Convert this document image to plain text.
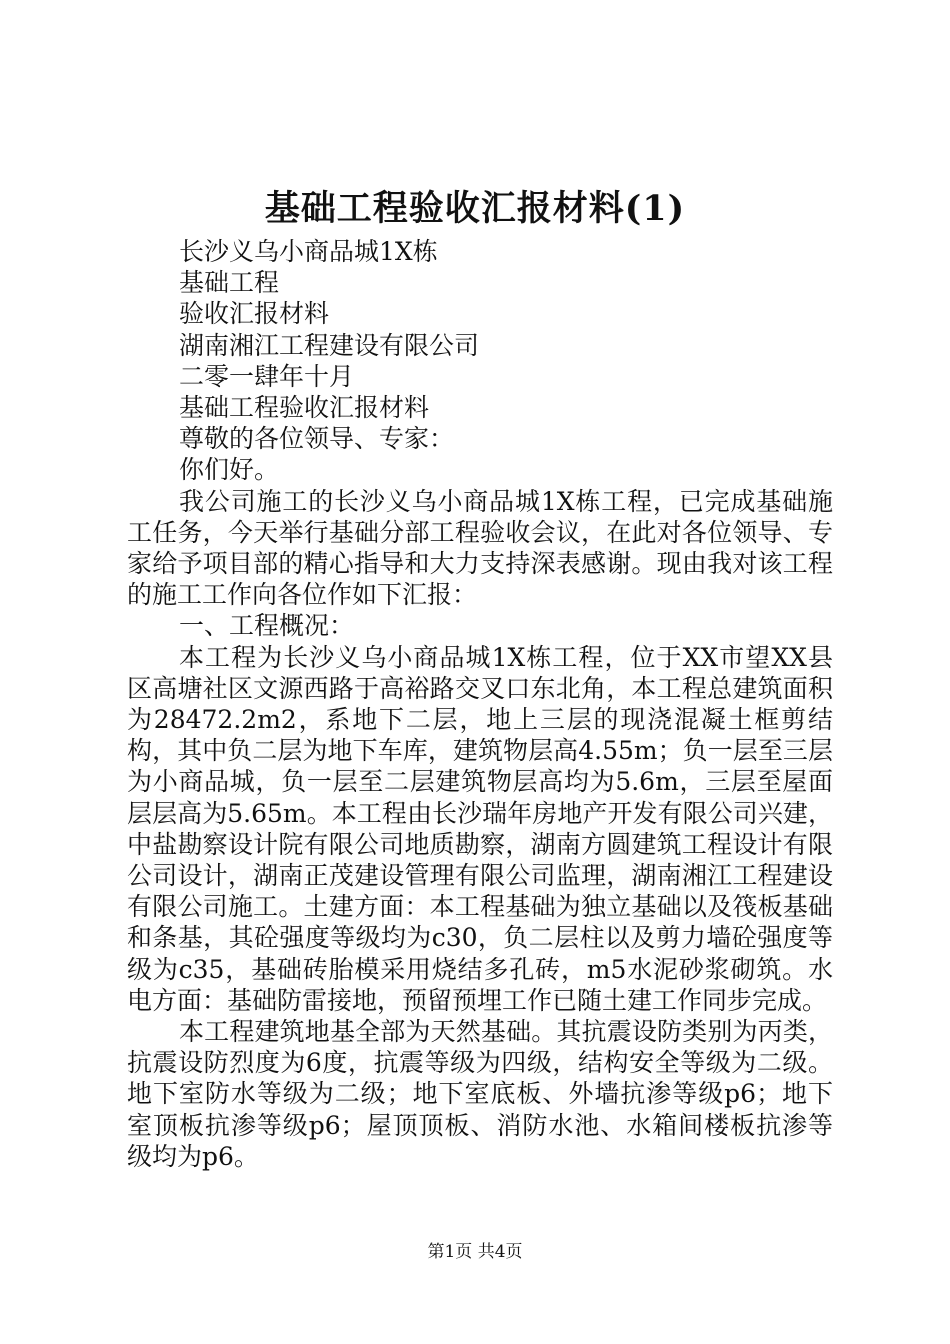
基础工程验收汇报材料(1)

长沙义乌小商品城1X栋

基础工程

验收汇报材料

湖南湘江工程建设有限公司

二零一肆年十月

基础工程验收汇报材料

尊敬的各位领导、专家：

你们好。

我公司施工的长沙义乌小商品城1X栋工程，已完成基础施工任务，今天举行基础分部工程验收会议，在此对各位领导、专家给予项目部的精心指导和大力支持深表感谢。现由我对该工程的施工工作向各位作如下汇报：

一、工程概况：

本工程为长沙义乌小商品城1X栋工程，位于XX市望XX县区高塘社区文源西路于高裕路交叉口东北角，本工程总建筑面积为28472.2m2，系地下二层，地上三层的现浇混凝土框剪结构，其中负二层为地下车库，建筑物层高4.55m；负一层至三层为小商品城，负一层至二层建筑物层高均为5.6m，三层至屋面层层高为5.65m。本工程由长沙瑞年房地产开发有限公司兴建，中盐勘察设计院有限公司地质勘察，湖南方圆建筑工程设计有限公司设计，湖南正茂建设管理有限公司监理，湖南湘江工程建设有限公司施工。土建方面：本工程基础为独立基础以及筏板基础和条基，其砼强度等级均为c30，负二层柱以及剪力墙砼强度等级为c35，基础砖胎模采用烧结多孔砖，m5水泥砂浆砌筑。水电方面：基础防雷接地，预留预埋工作已随土建工作同步完成。

本工程建筑地基全部为天然基础。其抗震设防类别为丙类，抗震设防烈度为6度，抗震等级为四级，结构安全等级为二级。地下室防水等级为二级；地下室底板、外墙抗渗等级p6；地下室顶板抗渗等级p6；屋顶顶板、消防水池、水箱间楼板抗渗等级均为p6。

第1页 共4页
